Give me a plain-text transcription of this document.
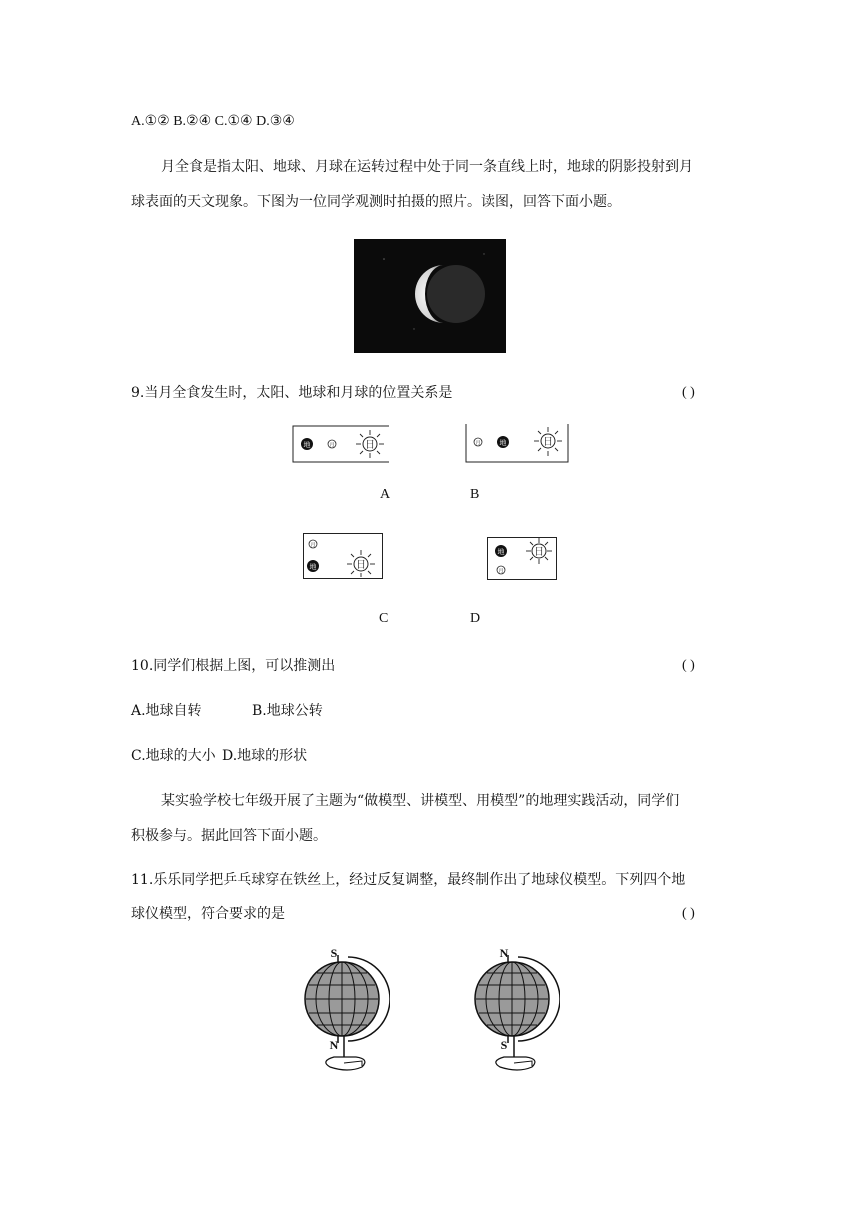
A.①② B.②④ C.①④ D.③④
月全食是指太阳、地球、月球在运转过程中处于同一条直线上时，地球的阴影投射到月
球表面的天文现象。下图为一位同学观测时拍摄的照片。读图，回答下面小题。
9.当月全食发生时，太阳、地球和月球的位置关系是	( )
地	月	日	月	地	日
A	B
月
地	日
地
月
日
C	D
10.同学们根据上图，可以推测出	( )
A.地球自转	B.地球公转
C.地球的大小 D.地球的形状
某实验学校七年级开展了主题为“做模型、讲模型、用模型”的地理实践活动，同学们
积极参与。据此回答下面小题。
11.乐乐同学把乒乓球穿在铁丝上，经过反复调整，最终制作出了地球仪模型。下列四个地
球仪模型，符合要求的是	( )
S
N
N
S
